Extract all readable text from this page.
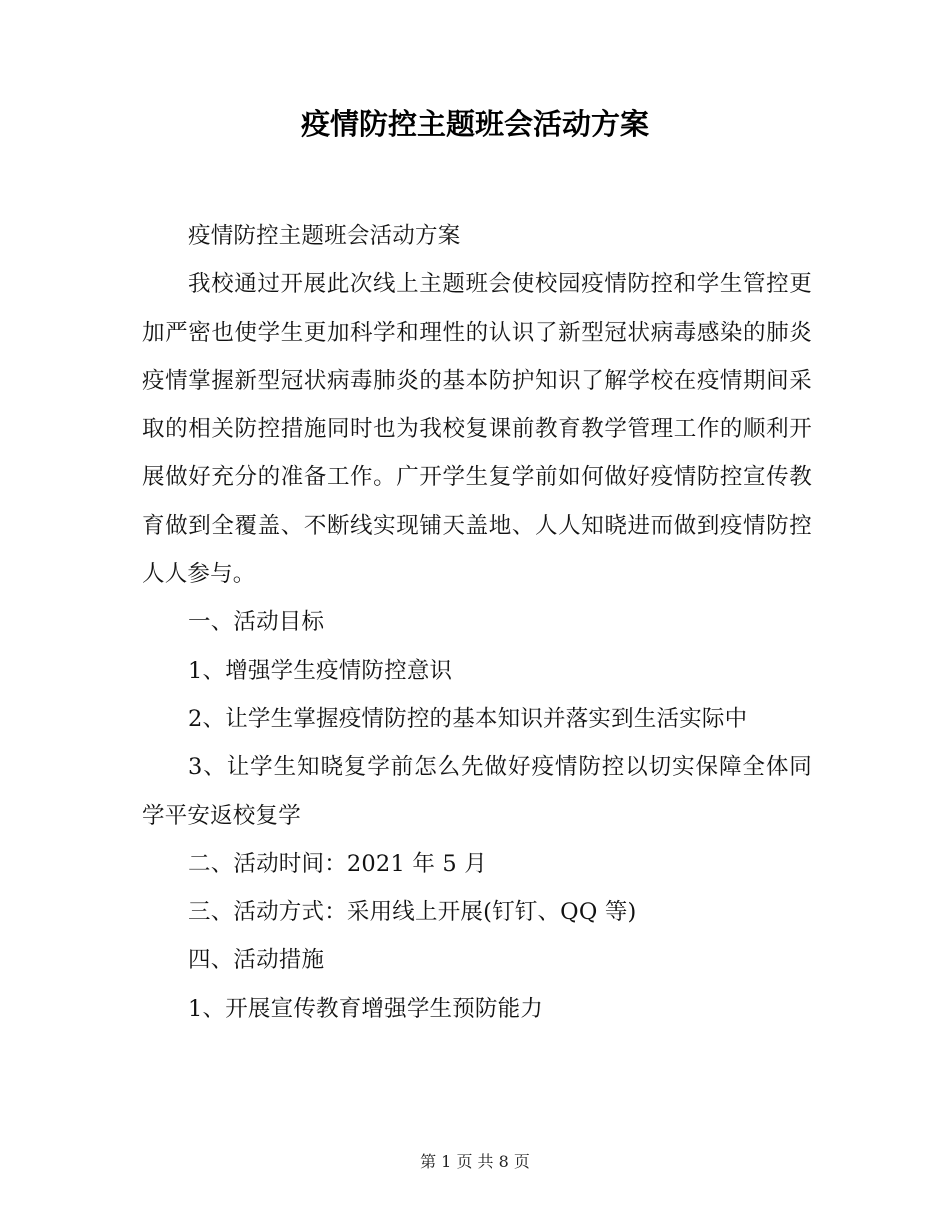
疫情防控主题班会活动方案

疫情防控主题班会活动方案

我校通过开展此次线上主题班会使校园疫情防控和学生管控更加严密也使学生更加科学和理性的认识了新型冠状病毒感染的肺炎疫情掌握新型冠状病毒肺炎的基本防护知识了解学校在疫情期间采取的相关防控措施同时也为我校复课前教育教学管理工作的顺利开展做好充分的准备工作。广开学生复学前如何做好疫情防控宣传教育做到全覆盖、不断线实现铺天盖地、人人知晓进而做到疫情防控人人参与。

一、活动目标

1、增强学生疫情防控意识

2、让学生掌握疫情防控的基本知识并落实到生活实际中

3、让学生知晓复学前怎么先做好疫情防控以切实保障全体同学平安返校复学

二、活动时间：2021 年 5 月

三、活动方式：采用线上开展(钉钉、QQ 等)

四、活动措施

1、开展宣传教育增强学生预防能力

第 1 页 共 8 页
